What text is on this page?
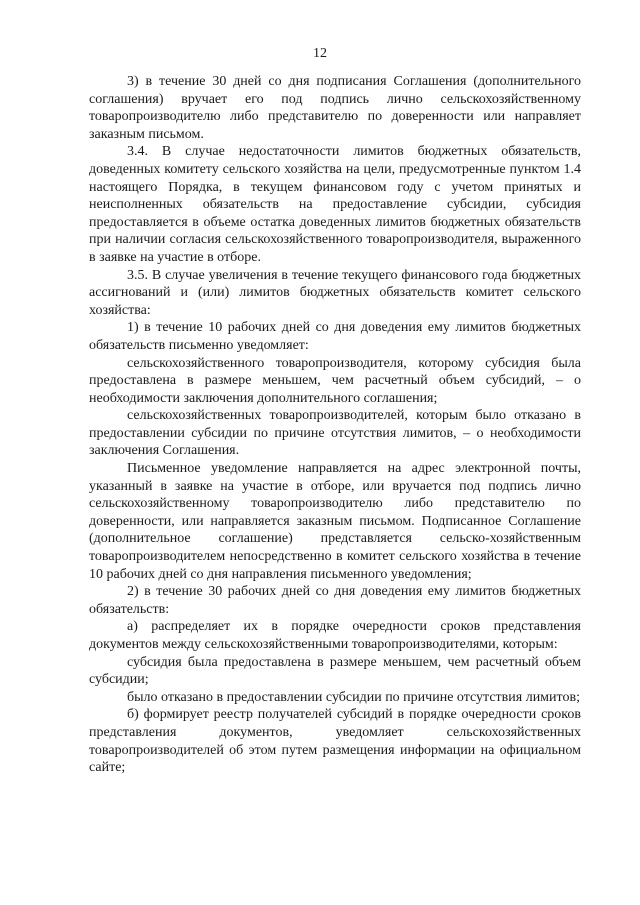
12

3) в течение 30 дней со дня подписания Соглашения (дополнительного соглашения) вручает его под подпись лично сельскохозяйственному товаропроизводителю либо представителю по доверенности или направляет заказным письмом.

3.4. В случае недостаточности лимитов бюджетных обязательств, доведенных комитету сельского хозяйства на цели, предусмотренные пунктом 1.4 настоящего Порядка, в текущем финансовом году с учетом принятых и неисполненных обязательств на предоставление субсидии, субсидия предоставляется в объеме остатка доведенных лимитов бюджетных обязательств при наличии согласия сельскохозяйственного товаропроизводителя, выраженного в заявке на участие в отборе.

3.5. В случае увеличения в течение текущего финансового года бюджетных ассигнований и (или) лимитов бюджетных обязательств комитет сельского хозяйства:

1) в течение 10 рабочих дней со дня доведения ему лимитов бюджетных обязательств письменно уведомляет:

сельскохозяйственного товаропроизводителя, которому субсидия была предоставлена в размере меньшем, чем расчетный объем субсидий, – о необходимости заключения дополнительного соглашения;

сельскохозяйственных товаропроизводителей, которым было отказано в предоставлении субсидии по причине отсутствия лимитов, – о необходимости заключения Соглашения.

Письменное уведомление направляется на адрес электронной почты, указанный в заявке на участие в отборе, или вручается под подпись лично сельскохозяйственному товаропроизводителю либо представителю по доверенности, или направляется заказным письмом. Подписанное Соглашение (дополнительное соглашение) представляется сельско-хозяйственным товаропроизводителем непосредственно в комитет сельского хозяйства в течение 10 рабочих дней со дня направления письменного уведомления;

2) в течение 30 рабочих дней со дня доведения ему лимитов бюджетных обязательств:

а) распределяет их в порядке очередности сроков представления документов между сельскохозяйственными товаропроизводителями, которым:

субсидия была предоставлена в размере меньшем, чем расчетный объем субсидии;

было отказано в предоставлении субсидии по причине отсутствия лимитов;

б) формирует реестр получателей субсидий в порядке очередности сроков представления документов, уведомляет сельскохозяйственных товаропроизводителей об этом путем размещения информации на официальном сайте;
